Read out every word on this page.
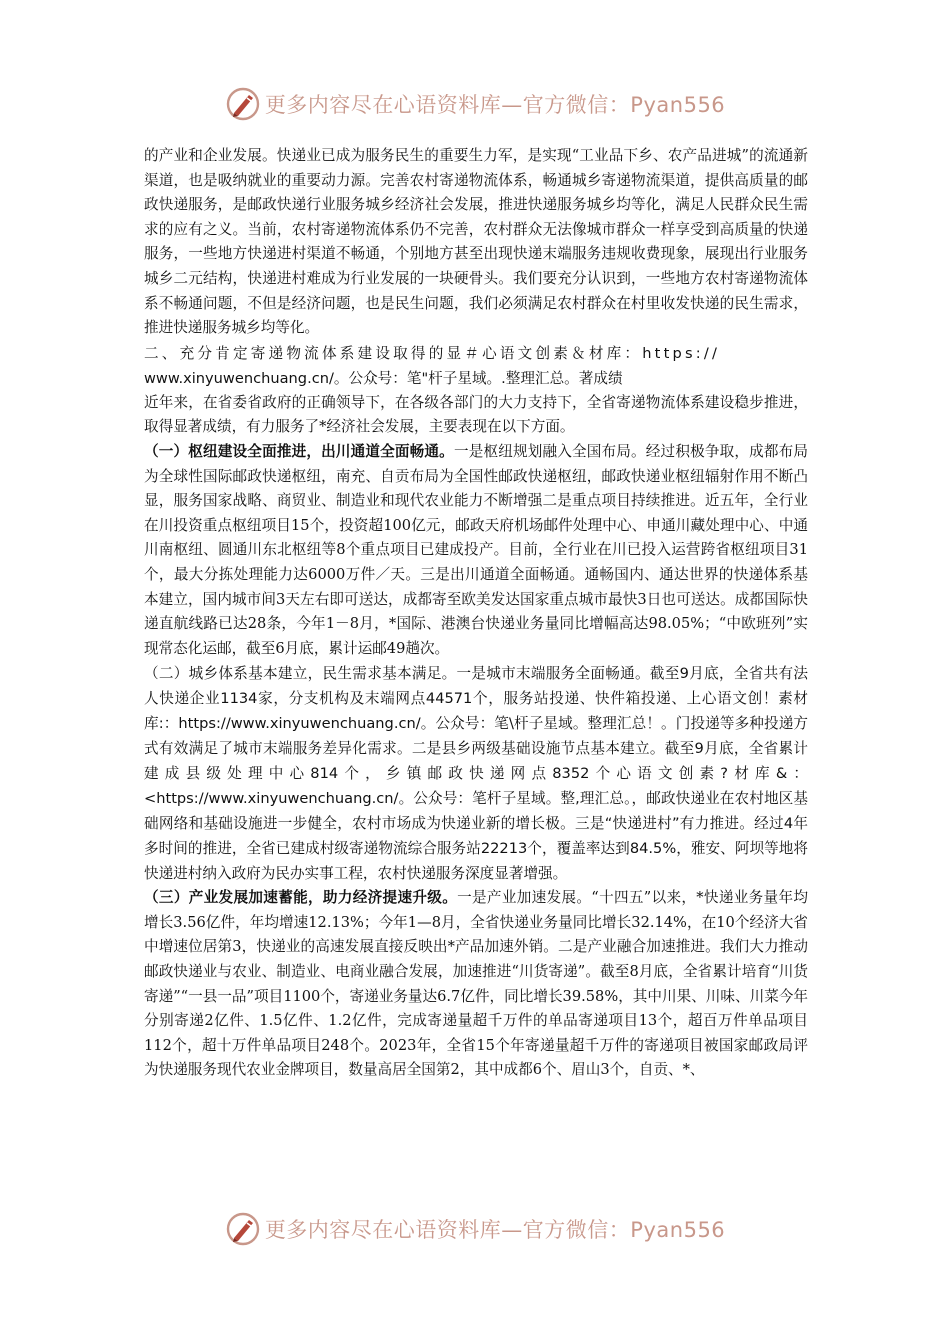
更多内容尽在心语资料库—官方微信：Pyan556

的产业和企业发展。快递业已成为服务民生的重要生力军，是实现“工业品下乡、农产品进城”的流通新渠道，也是吸纳就业的重要动力源。完善农村寄递物流体系，畅通城乡寄递物流渠道，提供高质量的邮政快递服务，是邮政快递行业服务城乡经济社会发展，推进快递服务城乡均等化，满足人民群众民生需求的应有之义。当前，农村寄递物流体系仍不完善，农村群众无法像城市群众一样享受到高质量的快递服务，一些地方快递进村渠道不畅通，个别地方甚至出现快递末端服务违规收费现象，展现出行业服务城乡二元结构，快递进村难成为行业发展的一块硬骨头。我们要充分认识到，一些地方农村寄递物流体系不畅通问题，不但是经济问题，也是民生问题，我们必须满足农村群众在村里收发快递的民生需求，推进快递服务城乡均等化。

二、充分肯定寄递物流体系建设取得的显＃心语文创素＆材库：https://
www.xinyuwenchuang.cn/。公众号：笔"杆子星域。.整理汇总。著成绩

近年来，在省委省政府的正确领导下，在各级各部门的大力支持下，全省寄递物流体系建设稳步推进，取得显著成绩，有力服务了*经济社会发展，主要表现在以下方面。

（一）枢纽建设全面推进，出川通道全面畅通。一是枢纽规划融入全国布局。经过积极争取，成都布局为全球性国际邮政快递枢纽，南充、自贡布局为全国性邮政快递枢纽，邮政快递业枢纽辐射作用不断凸显，服务国家战略、商贸业、制造业和现代农业能力不断增强二是重点项目持续推进。近五年，全行业在川投资重点枢纽项目15个，投资超100亿元，邮政天府机场邮件处理中心、申通川藏处理中心、中通川南枢纽、圆通川东北枢纽等8个重点项目已建成投产。目前，全行业在川已投入运营跨省枢纽项目31个，最大分拣处理能力达6000万件／天。三是出川通道全面畅通。通畅国内、通达世界的快递体系基本建立，国内城市间3天左右即可送达，成都寄至欧美发达国家重点城市最快3日也可送达。成都国际快递直航线路已达28条，今年1－8月，*国际、港澳台快递业务量同比增幅高达98.05%；“中欧班列”实现常态化运邮，截至6月底，累计运邮49趟次。

（二）城乡体系基本建立，民生需求基本满足。一是城市末端服务全面畅通。截至9月底，全省共有法人快递企业1134家，分支机构及末端网点44571个，服务站投递、快件箱投递、上心语文创！素材库:：https://www.xinyuwenchuang.cn/。公众号：笔\杆子星域。整理汇总！。门投递等多种投递方式有效满足了城市末端服务差异化需求。二是县乡两级基础设施节点基本建立。截至9月底，全省累计建成县级处理中心814个，乡镇邮政快递网点8352个心语文创素?材库&：<https://www.xinyuwenchuang.cn/。公众号：笔杆子星域。整,理汇总。，邮政快递业在农村地区基础网络和基础设施进一步健全，农村市场成为快递业新的增长极。三是“快递进村”有力推进。经过4年多时间的推进，全省已建成村级寄递物流综合服务站22213个，覆盖率达到84.5%，雅安、阿坝等地将快递进村纳入政府为民办实事工程，农村快递服务深度显著增强。

（三）产业发展加速蓄能，助力经济提速升级。一是产业加速发展。“十四五”以来，*快递业务量年均增长3.56亿件，年均增速12.13%；今年1—8月，全省快递业务量同比增长32.14%，在10个经济大省中增速位居第3，快递业的高速发展直接反映出*产品加速外销。二是产业融合加速推进。我们大力推动邮政快递业与农业、制造业、电商业融合发展，加速推进“川货寄递”。截至8月底，全省累计培育“川货寄递”“一县一品”项目1100个，寄递业务量达6.7亿件，同比增长39.58%，其中川果、川味、川菜今年分别寄递2亿件、1.5亿件、1.2亿件，完成寄递量超千万件的单品寄递项目13个，超百万件单品项目112个，超十万件单品项目248个。2023年，全省15个年寄递量超千万件的寄递项目被国家邮政局评为快递服务现代农业金牌项目，数量高居全国第2，其中成都6个、眉山3个，自贡、*、

更多内容尽在心语资料库—官方微信：Pyan556
